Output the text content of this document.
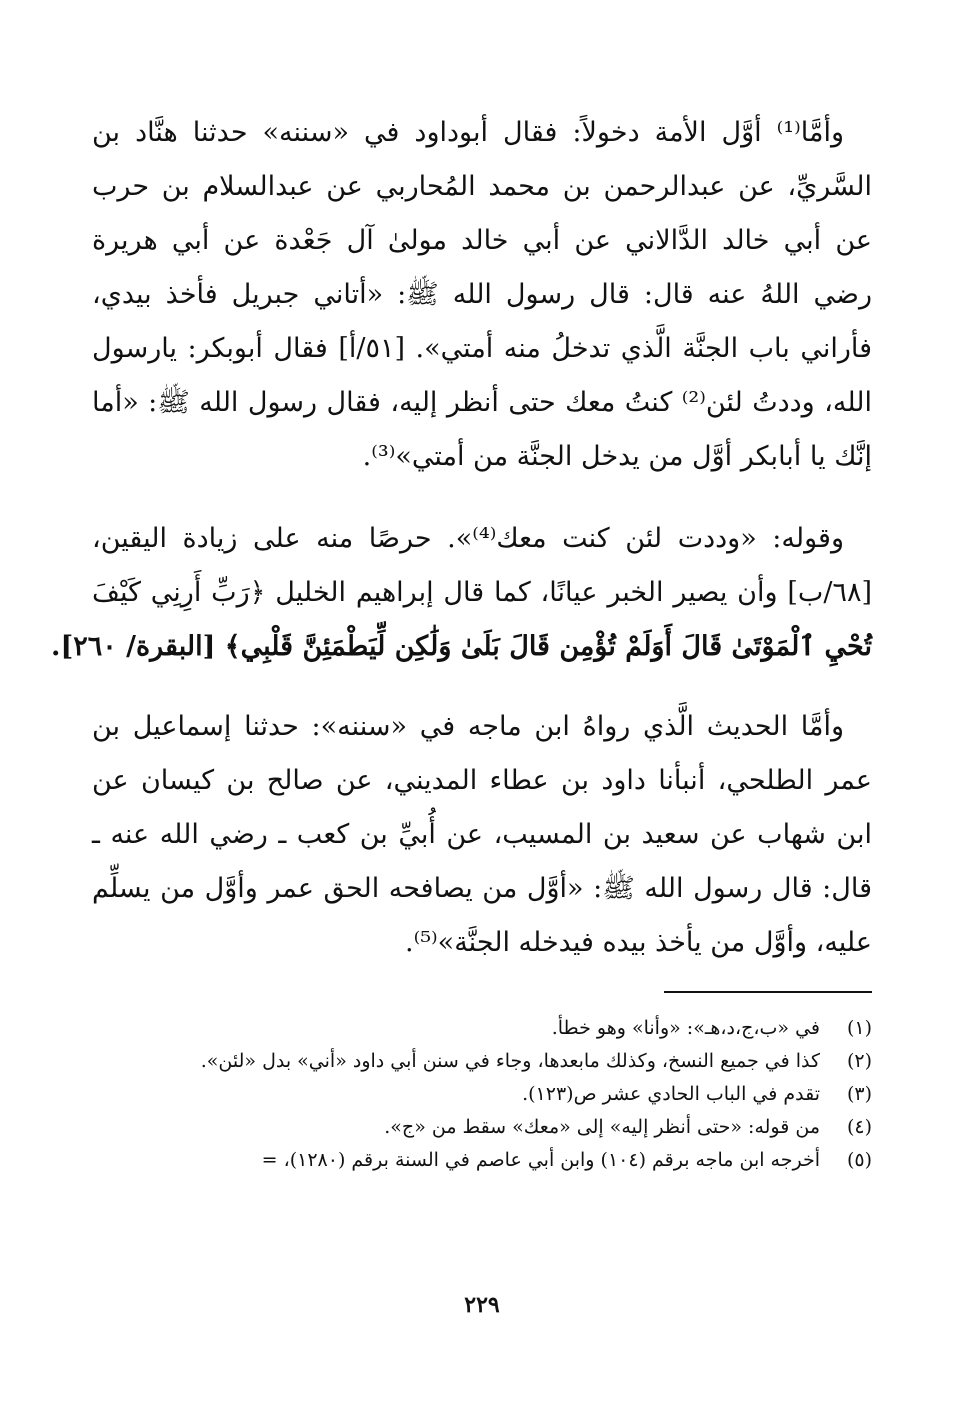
وأمَّا⁽¹⁾ أوَّل الأمة دخولاً: فقال أبوداود في «سننه» حدثنا هنَّاد بن
السَّريِّ، عن عبدالرحمن بن محمد المُحاربي عن عبدالسلام بن حرب
عن أبي خالد الدَّالاني عن أبي خالد مولىٰ آل جَعْدة عن أبي هريرة
رضي اللهُ عنه قال: قال رسول الله ﷺ: «أتاني جبريل فأخذ بيدي،
فأراني باب الجنَّة الَّذي تدخلُ منه أمتي». [٥١/أ] فقال أبوبكر: يارسول
الله، وددتُ لئن⁽²⁾ كنتُ معك حتى أنظر إليه، فقال رسول الله ﷺ: «أما
إنَّك يا أبابكر أوَّل من يدخل الجنَّة من أمتي»⁽³⁾.
وقوله: «وددت لئن كنت معك⁽⁴⁾». حرصًا منه على زيادة اليقين،
[٦٨/ب] وأن يصير الخبر عيانًا، كما قال إبراهيم الخليل ﴿رَبِّ أَرِنِي كَيْفَ
تُحْيِ ٱلْمَوْتَىٰ قَالَ أَوَلَمْ تُؤْمِن قَالَ بَلَىٰ وَلَٰكِن لِّيَطْمَئِنَّ قَلْبِي﴾ [البقرة/ ٢٦٠].
وأمَّا الحديث الَّذي رواهُ ابن ماجه في «سننه»: حدثنا إسماعيل بن
عمر الطلحي، أنبأنا داود بن عطاء المديني، عن صالح بن كيسان عن
ابن شهاب عن سعيد بن المسيب، عن أُبيِّ بن كعب ـ رضي الله عنه ـ
قال: قال رسول الله ﷺ: «أوَّل من يصافحه الحق عمر وأوَّل من يسلِّم
عليه، وأوَّل من يأخذ بيده فيدخله الجنَّة»⁽⁵⁾.
(١)
في «ب،ج،د،هـ»: «وأنا» وهو خطأ.
(٢)
كذا في جميع النسخ، وكذلك مابعدها، وجاء في سنن أبي داود «أني» بدل «لئن».
(٣)
تقدم في الباب الحادي عشر ص(١٢٣).
(٤)
من قوله: «حتى أنظر إليه» إلى «معك» سقط من «ج».
(٥)
أخرجه ابن ماجه برقم (١٠٤) وابن أبي عاصم في السنة برقم (١٢٨٠)، =
٢٢٩
